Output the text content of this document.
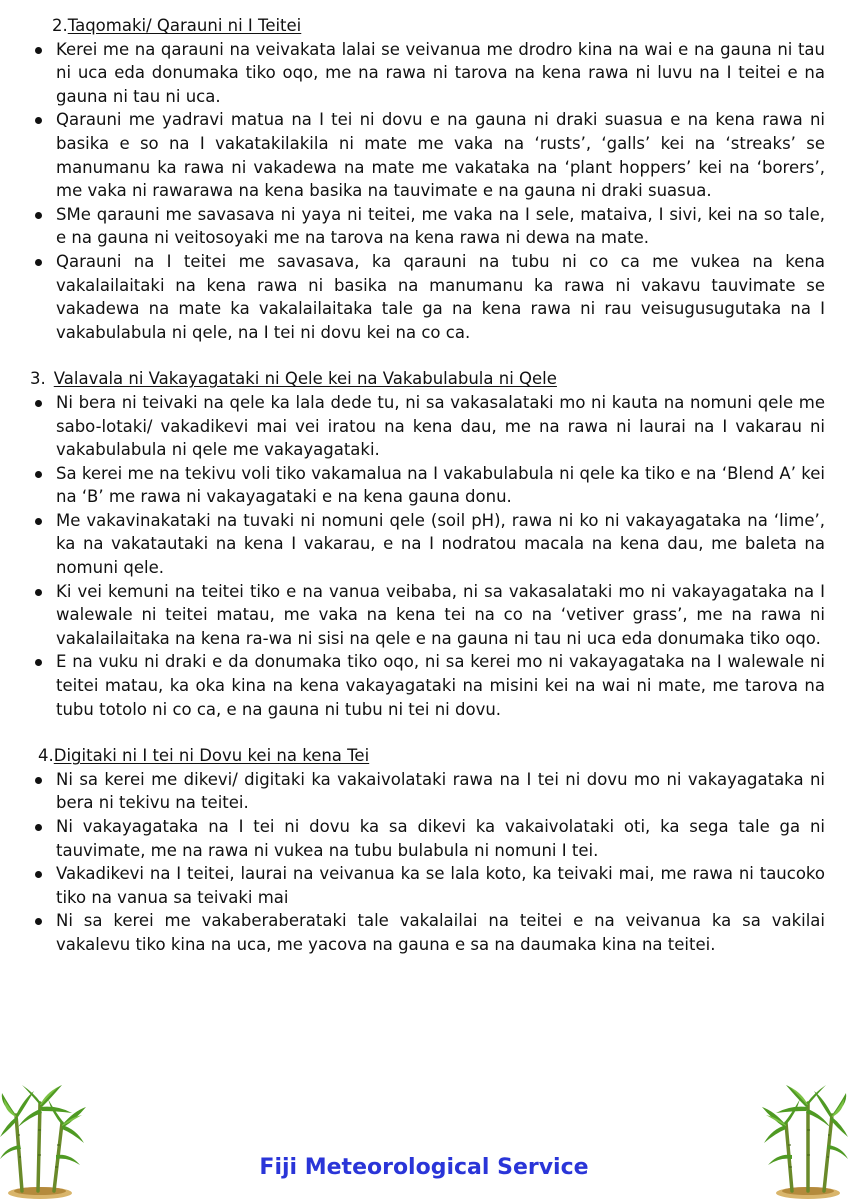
2. Taqomaki/ Qarauni ni I Teitei
Kerei me na qarauni na veivakata lalai se veivanua me drodro kina na wai e na gauna ni tau ni uca eda donumaka tiko oqo, me na rawa ni tarova na kena rawa ni luvu na I teitei e na gauna ni tau ni uca.
Qarauni me yadravi matua na I tei ni dovu e na gauna ni draki suasua e na kena rawa ni basika e so na I vakatakilakila ni mate me vaka na ‘rusts’, ‘galls’ kei na ‘streaks’ se manumanu ka rawa ni vakadewa na mate me vakataka na ‘plant hoppers’ kei na ‘borers’, me vaka ni rawarawa na kena basika na tauvimate e na gauna ni draki suasua.
SMe qarauni me savasava ni yaya ni teitei, me vaka na I sele, mataiva, I sivi, kei na so tale, e na gauna ni veitosoyaki me na tarova na kena rawa ni dewa na mate.
Qarauni na I teitei me savasava, ka qarauni na tubu ni co ca me vukea na kena vakalailaitaki na kena rawa ni basika na manumanu ka rawa ni vakavu tauvimate se vakadewa na mate ka vakalailaitaka tale ga na kena rawa ni rau veisugusugutaka na I vakabulabula ni qele, na I tei ni dovu kei na co ca.
3. Valavala ni Vakayagataki ni Qele kei na Vakabulabula ni Qele
Ni bera ni teivaki na qele ka lala dede tu, ni sa vakasalataki mo ni kauta na nomuni qele me sabo-lotaki/ vakadikevi mai vei iratou na kena dau, me na rawa ni laurai na I vakarau ni vakabulabula ni qele me vakayagataki.
Sa kerei me na tekivu voli tiko vakamalua na I vakabulabula ni qele ka tiko e na ‘Blend A’ kei na ‘B’ me rawa ni vakayagataki e na kena gauna donu.
Me vakavinakataki na tuvaki ni nomuni qele (soil pH), rawa ni ko ni vakayagataka na ‘lime’, ka na vakatautaki na kena I vakarau, e na I nodratou macala na kena dau, me baleta na nomuni qele.
Ki vei kemuni na teitei tiko e na vanua veibaba, ni sa vakasalataki mo ni vakayagataka na I walewale ni teitei matau, me vaka na kena tei na co na ‘vetiver grass’, me na rawa ni vakalailaitaka na kena ra-wa ni sisi na qele e na gauna ni tau ni uca eda donumaka tiko oqo.
E na vuku ni draki e da donumaka tiko oqo, ni sa kerei mo ni vakayagataka na I walewale ni teitei matau, ka oka kina na kena vakayagataki na misini kei na wai ni mate, me tarova na tubu totolo ni co ca, e na gauna ni tubu ni tei ni dovu.
4. Digitaki ni I tei ni Dovu kei na kena Tei
Ni sa kerei me dikevi/ digitaki ka vakaivolataki rawa na I tei ni dovu mo ni vakayagataka ni bera ni tekivu na teitei.
Ni vakayagataka na I tei ni dovu ka sa dikevi ka vakaivolataki oti, ka sega tale ga ni tauvimate, me na rawa ni vukea na tubu bulabula ni nomuni I tei.
Vakadikevi na I teitei, laurai na veivanua ka se lala koto, ka teivaki mai, me rawa ni taucoko tiko na vanua sa teivaki mai
Ni sa kerei me vakaberaberataki tale vakalailai na teitei e na veivanua ka sa vakilai vakalevu tiko kina na uca, me yacova na gauna e sa na daumaka kina na teitei.
Fiji Meteorological Service
